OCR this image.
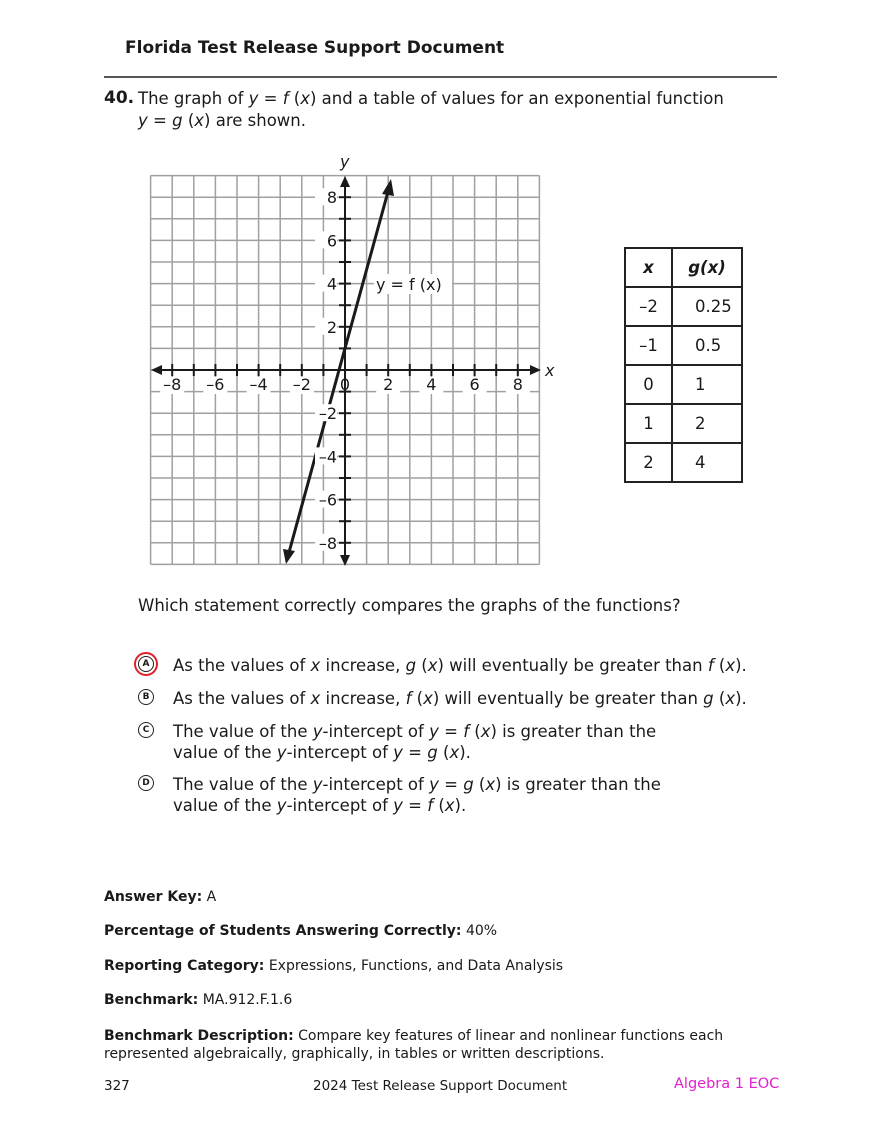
Florida Test Release Support Document
40. The graph of y = f (x) and a table of values for an exponential function
y = g (x) are shown.
y
x
y = f (x)
–8 –6 –4 –2 0 2 4 6 8
8
6
4
2
–2
–4
–6
–8
x	g(x)
–2	0.25
–1	0.5
0	1
1	2
2	4
Which statement correctly compares the graphs of the functions?
A As the values of x increase, g (x) will eventually be greater than f (x).
B As the values of x increase, f (x) will eventually be greater than g (x).
C The value of the y-intercept of y = f (x) is greater than the
value of the y-intercept of y = g (x).
D The value of the y-intercept of y = g (x) is greater than the
value of the y-intercept of y = f (x).
Answer Key: A
Percentage of Students Answering Correctly: 40%
Reporting Category: Expressions, Functions, and Data Analysis
Benchmark: MA.912.F.1.6
Benchmark Description: Compare key features of linear and nonlinear functions each represented algebraically, graphically, in tables or written descriptions.
327	2024 Test Release Support Document	Algebra 1 EOC
